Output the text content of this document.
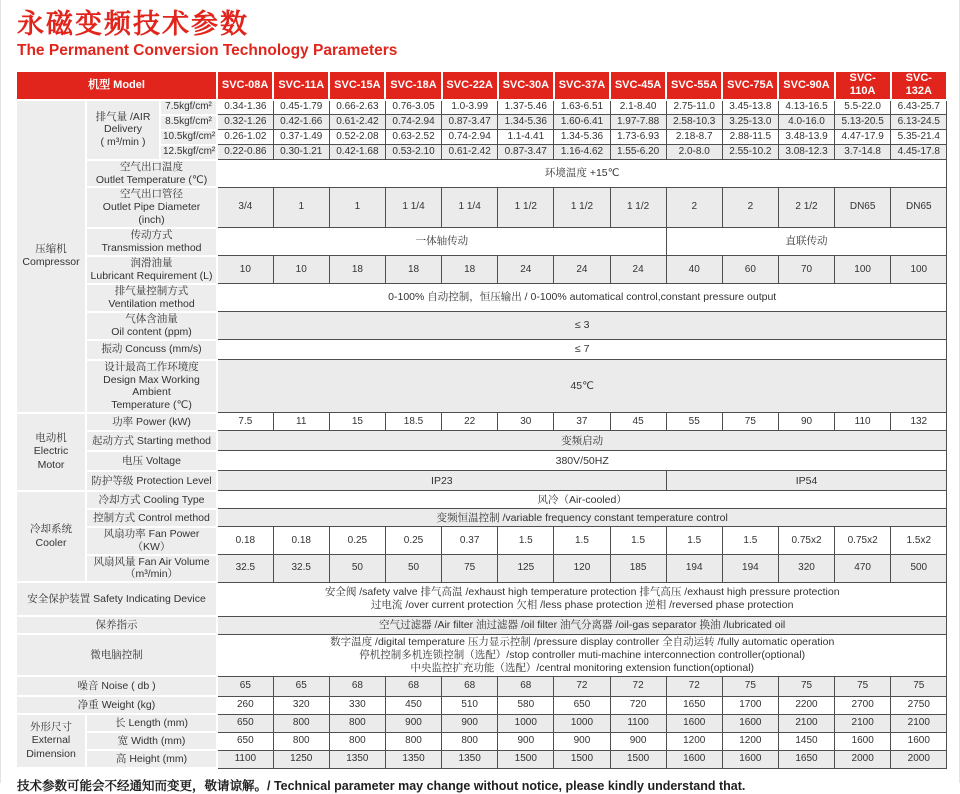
永磁变频技术参数
The Permanent Conversion Technology Parameters
机型 Model			SVC-08A	SVC-11A	SVC-15A	SVC-18A	SVC-22A	SVC-30A	SVC-37A	SVC-45A	SVC-55A	SVC-75A	SVC-90A	SVC-110A	SVC-132A

压缩机
Compressor	排气量 /AIR
Delivery
( m³/min )	7.5kgf/cm²	0.34-1.36	0.45-1.79	0.66-2.63	0.76-3.05	1.0-3.99	1.37-5.46	1.63-6.51	2.1-8.40	2.75-11.0	3.45-13.8	4.13-16.5	5.5-22.0	6.43-25.7
		8.5kgf/cm²	0.32-1.26	0.42-1.66	0.61-2.42	0.74-2.94	0.87-3.47	1.34-5.36	1.60-6.41	1.97-7.88	2.58-10.3	3.25-13.0	4.0-16.0	5.13-20.5	6.13-24.5
		10.5kgf/cm²	0.26-1.02	0.37-1.49	0.52-2.08	0.63-2.52	0.74-2.94	1.1-4.41	1.34-5.36	1.73-6.93	2.18-8.7	2.88-11.5	3.48-13.9	4.47-17.9	5.35-21.4
		12.5kgf/cm²	0.22-0.86	0.30-1.21	0.42-1.68	0.53-2.10	0.61-2.42	0.87-3.47	1.16-4.62	1.55-6.20	2.0-8.0	2.55-10.2	3.08-12.3	3.7-14.8	4.45-17.8

	空气出口温度
Outlet Temperature (℃)		环境温度 +15℃												

	空气出口管径
Outlet Pipe Diameter (inch)		3/4	1	1	1 1/4	1 1/4	1 1/2	1 1/2	1 1/2	2	2	2 1/2	DN65	DN65

	传动方式
Transmission method		一体轴传动								直联传动				

	润滑油量
Lubricant Requirement (L)		10	10	18	18	18	24	24	24	40	60	70	100	100

	排气量控制方式
Ventilation method		0-100% 自动控制，恒压输出 / 0-100% automatical control,constant pressure output												

	气体含油量
Oil content (ppm)		≤ 3												
	振动 Concuss (mm/s)		≤ 7												

	设计最高工作环境度
Design Max Working Ambient
Temperature (℃)		45℃												

电动机
Electric Motor	功率 Power (kW)		7.5	11	15	18.5	22	30	37	45	55	75	90	110	132
	起动方式 Starting method		变频启动												
	电压 Voltage		380V/50HZ												
	防护等级 Protection Level		IP23								IP54				

冷却系统
Cooler	冷却方式 Cooling Type		风冷（Air-cooled）												
	控制方式 Control method		变频恒温控制 /variable frequency constant temperature control												
	风扇功率 Fan Power（KW）		0.18	0.18	0.25	0.25	0.37	1.5	1.5	1.5	1.5	1.5	0.75x2	0.75x2	1.5x2
	风扇风量 Fan Air Volume（m³/min）		32.5	32.5	50	50	75	125	120	185	194	194	320	470	500
安全保护装置 Safety Indicating Device			安全阀 /safety valve 排气高温 /exhaust high temperature protection 排气高压 /exhaust high pressure protection
过电流 /over current protection 欠相 /less phase protection 逆相 /reversed phase protection												

保养指示			空气过滤器 /Air filter 油过滤器 /oil filter 油气分离器 /oil-gas separator 换油 /lubricated oil												
微电脑控制			数字温度 /digital temperature 压力显示控制 /pressure display controller 全自动运转 /fully automatic operation
停机控制多机连锁控制（选配）/stop controller muti-machine interconnection controller(optional)
中央监控扩充功能（选配）/central monitoring extension function(optional)												

噪音 Noise ( db )			65	65	68	68	68	68	72	72	72	75	75	75	75
净重 Weight (kg)			260	320	330	450	510	580	650	720	1650	1700	2200	2700	2750

外形尺寸
External Dimension	长 Length (mm)		650	800	800	900	900	1000	1000	1100	1600	1600	2100	2100	2100
	宽 Width (mm)		650	800	800	800	800	900	900	900	1200	1200	1450	1600	1600
	高 Height (mm)		1100	1250	1350	1350	1350	1500	1500	1500	1600	1600	1650	2000	2000
技术参数可能会不经通知而变更，敬请谅解。/ Technical parameter may change without notice, please kindly understand that.
